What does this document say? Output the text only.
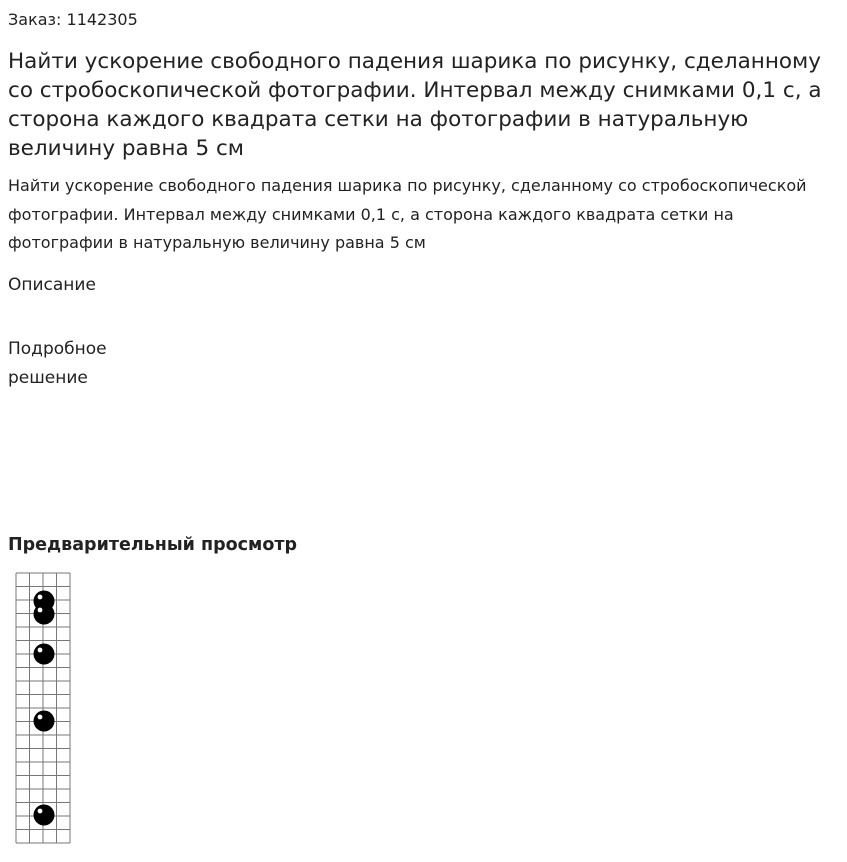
Заказ: 1142305
Найти ускорение свободного падения шарика по рисунку, сделанному со стробоскопической фотографии. Интервал между снимками 0,1 с, а сторона каждого квадрата сетки на фотографии в натуральную величину равна 5 см

Найти ускорение свободного падения шарика по рисунку, сделанному со стробоскопической фотографии. Интервал между снимками 0,1 с, а сторона каждого квадрата сетки на фотографии в натуральную величину равна 5 см

Описание
Подробное решение
Предварительный просмотр
